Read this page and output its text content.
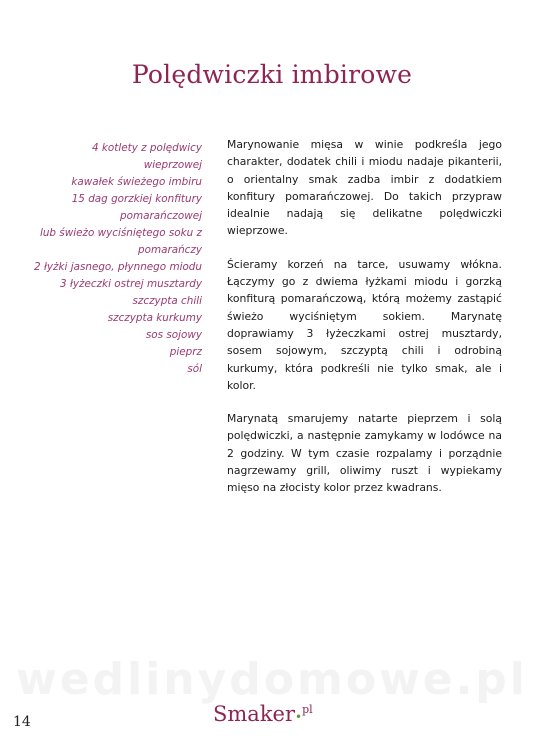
Polędwiczki imbirowe
4 kotlety z polędwicy
wieprzowej
kawałek świeżego imbiru
15 dag gorzkiej konfitury
pomarańczowej
lub świeżo wyciśniętego soku z
pomarańczy
2 łyżki jasnego, płynnego miodu
3 łyżeczki ostrej musztardy
szczypta chili
szczypta kurkumy
sos sojowy
pieprz
sól

Marynowanie mięsa w winie podkreśla jego charakter, dodatek chili i miodu nadaje pikanterii, o orientalny smak zadba imbir z dodatkiem konfitury pomarańczowej. Do takich przypraw idealnie nadają się delikatne polędwiczki wieprzowe.

Ścieramy korzeń na tarce, usuwamy włókna. Łączymy go z dwiema łyżkami miodu i gorzką konfiturą pomarańczową, którą możemy zastąpić świeżo wyciśniętym sokiem. Marynatę doprawiamy 3 łyżeczkami ostrej musztardy, sosem sojowym, szczyptą chili i odrobiną kurkumy, która podkreśli nie tylko smak, ale i kolor.

Marynatą smarujemy natarte pieprzem i solą polędwiczki, a następnie zamykamy w lodówce na 2 godziny. W tym czasie rozpalamy i porządnie nagrzewamy grill, oliwimy ruszt i wypiekamy mięso na złocisty kolor przez kwadrans.

wedlinydomowe.pl
14	Smaker•$^{pl}$
